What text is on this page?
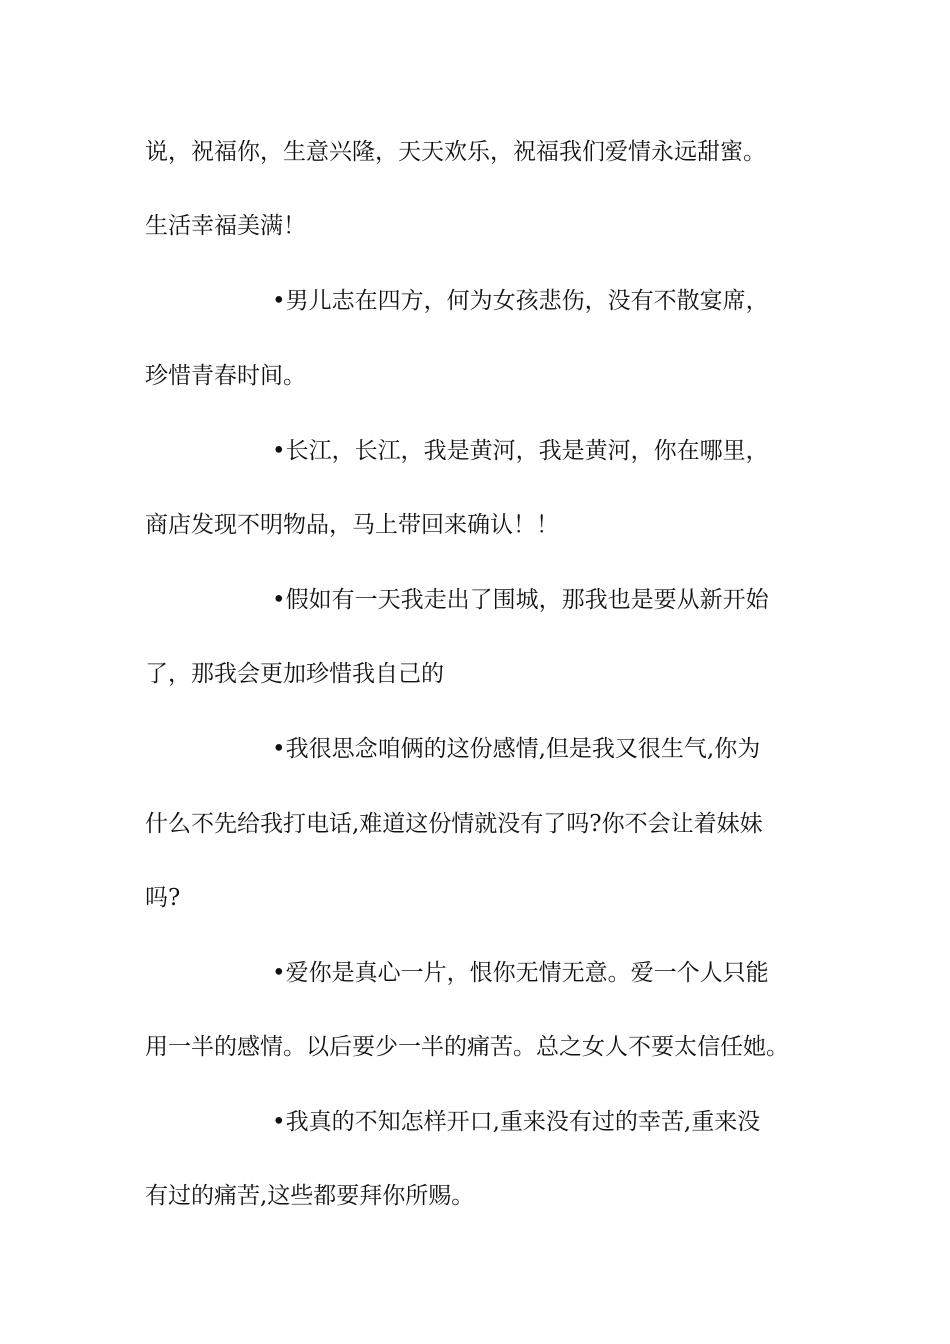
说，祝福你，生意兴隆，天天欢乐，祝福我们爱情永远甜蜜。
生活幸福美满！
•男儿志在四方，何为女孩悲伤，没有不散宴席，
珍惜青春时间。
•长江，长江，我是黄河，我是黄河，你在哪里，
商店发现不明物品，马上带回来确认！！
•假如有一天我走出了围城，那我也是要从新开始
了，那我会更加珍惜我自己的
•我很思念咱俩的这份感情,但是我又很生气,你为
什么不先给我打电话,难道这份情就没有了吗?你不会让着妹妹
吗?
•爱你是真心一片，恨你无情无意。爱一个人只能
用一半的感情。以后要少一半的痛苦。总之女人不要太信任她。
•我真的不知怎样开口,重来没有过的幸苦,重来没
有过的痛苦,这些都要拜你所赐。
